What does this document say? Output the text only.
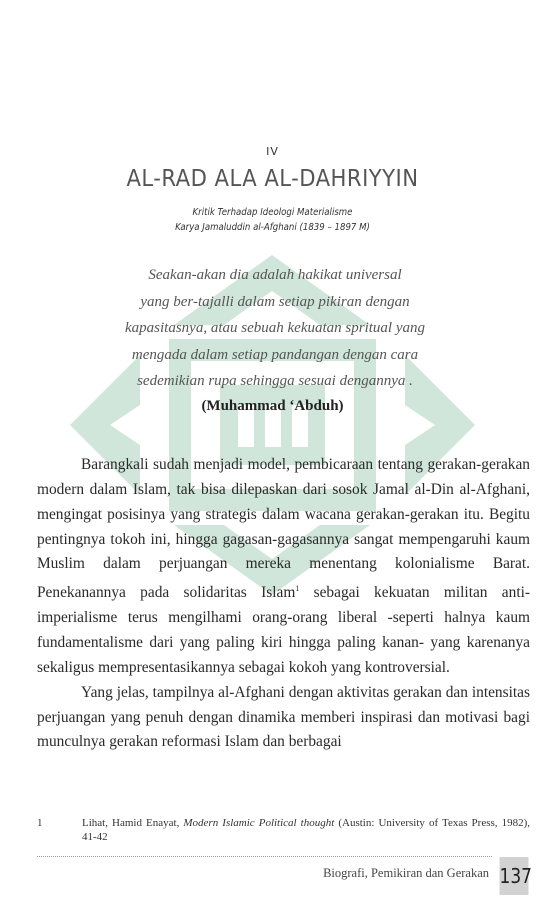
IV
AL-RAD ALA AL-DAHRIYYIN
Kritik Terhadap Ideologi Materialisme
Karya Jamaluddin al-Afghani (1839 – 1897 M)
Seakan-akan dia adalah hakikat universal
yang ber-tajalli dalam setiap pikiran dengan
kapasitasnya, atau sebuah kekuatan spritual yang
mengada dalam setiap pandangan dengan cara
sedemikian rupa sehingga sesuai dengannya .
(Muhammad ‘Abduh)

Barangkali sudah menjadi model, pembicaraan tentang gerakan-gerakan modern dalam Islam, tak bisa dilepaskan dari sosok Jamal al-Din al-Afghani, mengingat posisinya yang strategis dalam wacana gerakan-gerakan itu. Begitu pentingnya tokoh ini, hingga gagasan-gagasannya sangat mempengaruhi kaum Muslim dalam perjuangan mereka menentang kolonialisme Barat. Penekanannya pada solidaritas Islam$^1$ sebagai kekuatan militan anti-imperialisme terus mengilhami orang-orang liberal -seperti halnya kaum fundamentalisme dari yang paling kiri hingga paling kanan- yang karenanya sekaligus mempresentasikannya sebagai kokoh yang kontroversial.

Yang jelas, tampilnya al-Afghani dengan aktivitas gerakan dan intensitas perjuangan yang penuh dengan dinamika memberi inspirasi dan motivasi bagi munculnya gerakan reformasi Islam dan berbagai

1	Lihat, Hamid Enayat, Modern Islamic Political thought (Austin: University of Texas Press, 1982), 41-42
Biografi, Pemikiran dan Gerakan 137
